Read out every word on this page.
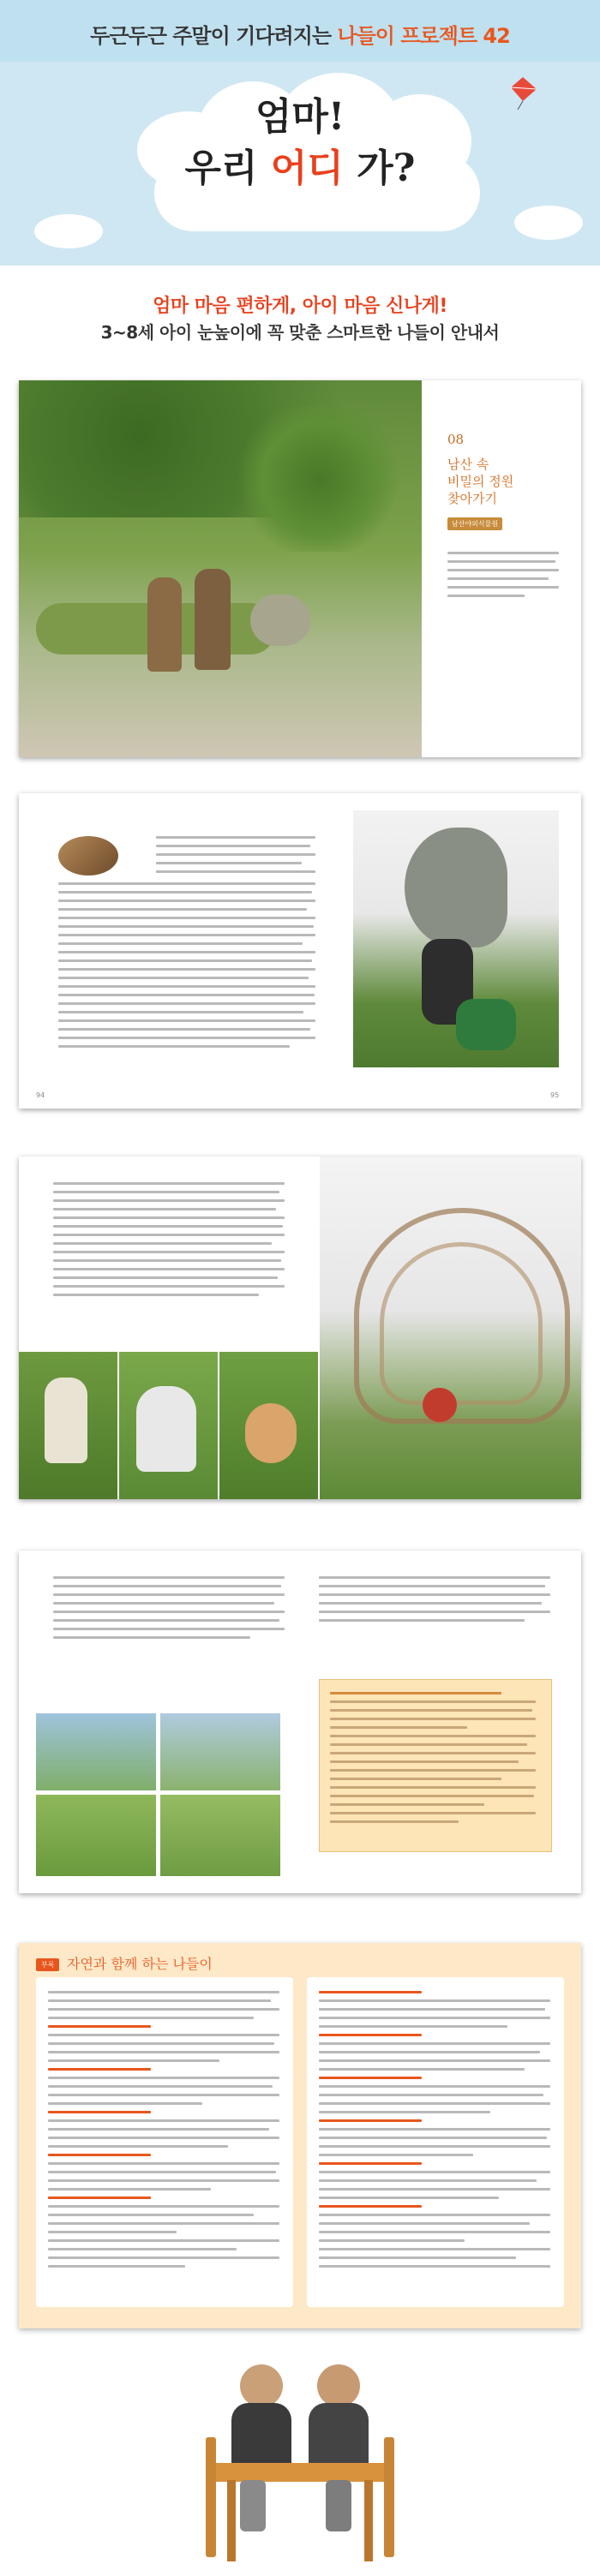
두근두근 주말이 기다려지는 나들이 프로젝트 42
엄마!
우리 어디 가?
엄마 마음 편하게, 아이 마음 신나게!
3~8세 아이 눈높이에 꼭 맞춘 스마트한 나들이 안내서
08
남산 속
비밀의 정원
찾아가기
남산야외식물원
94	95
부록 자연과 함께 하는 나들이
